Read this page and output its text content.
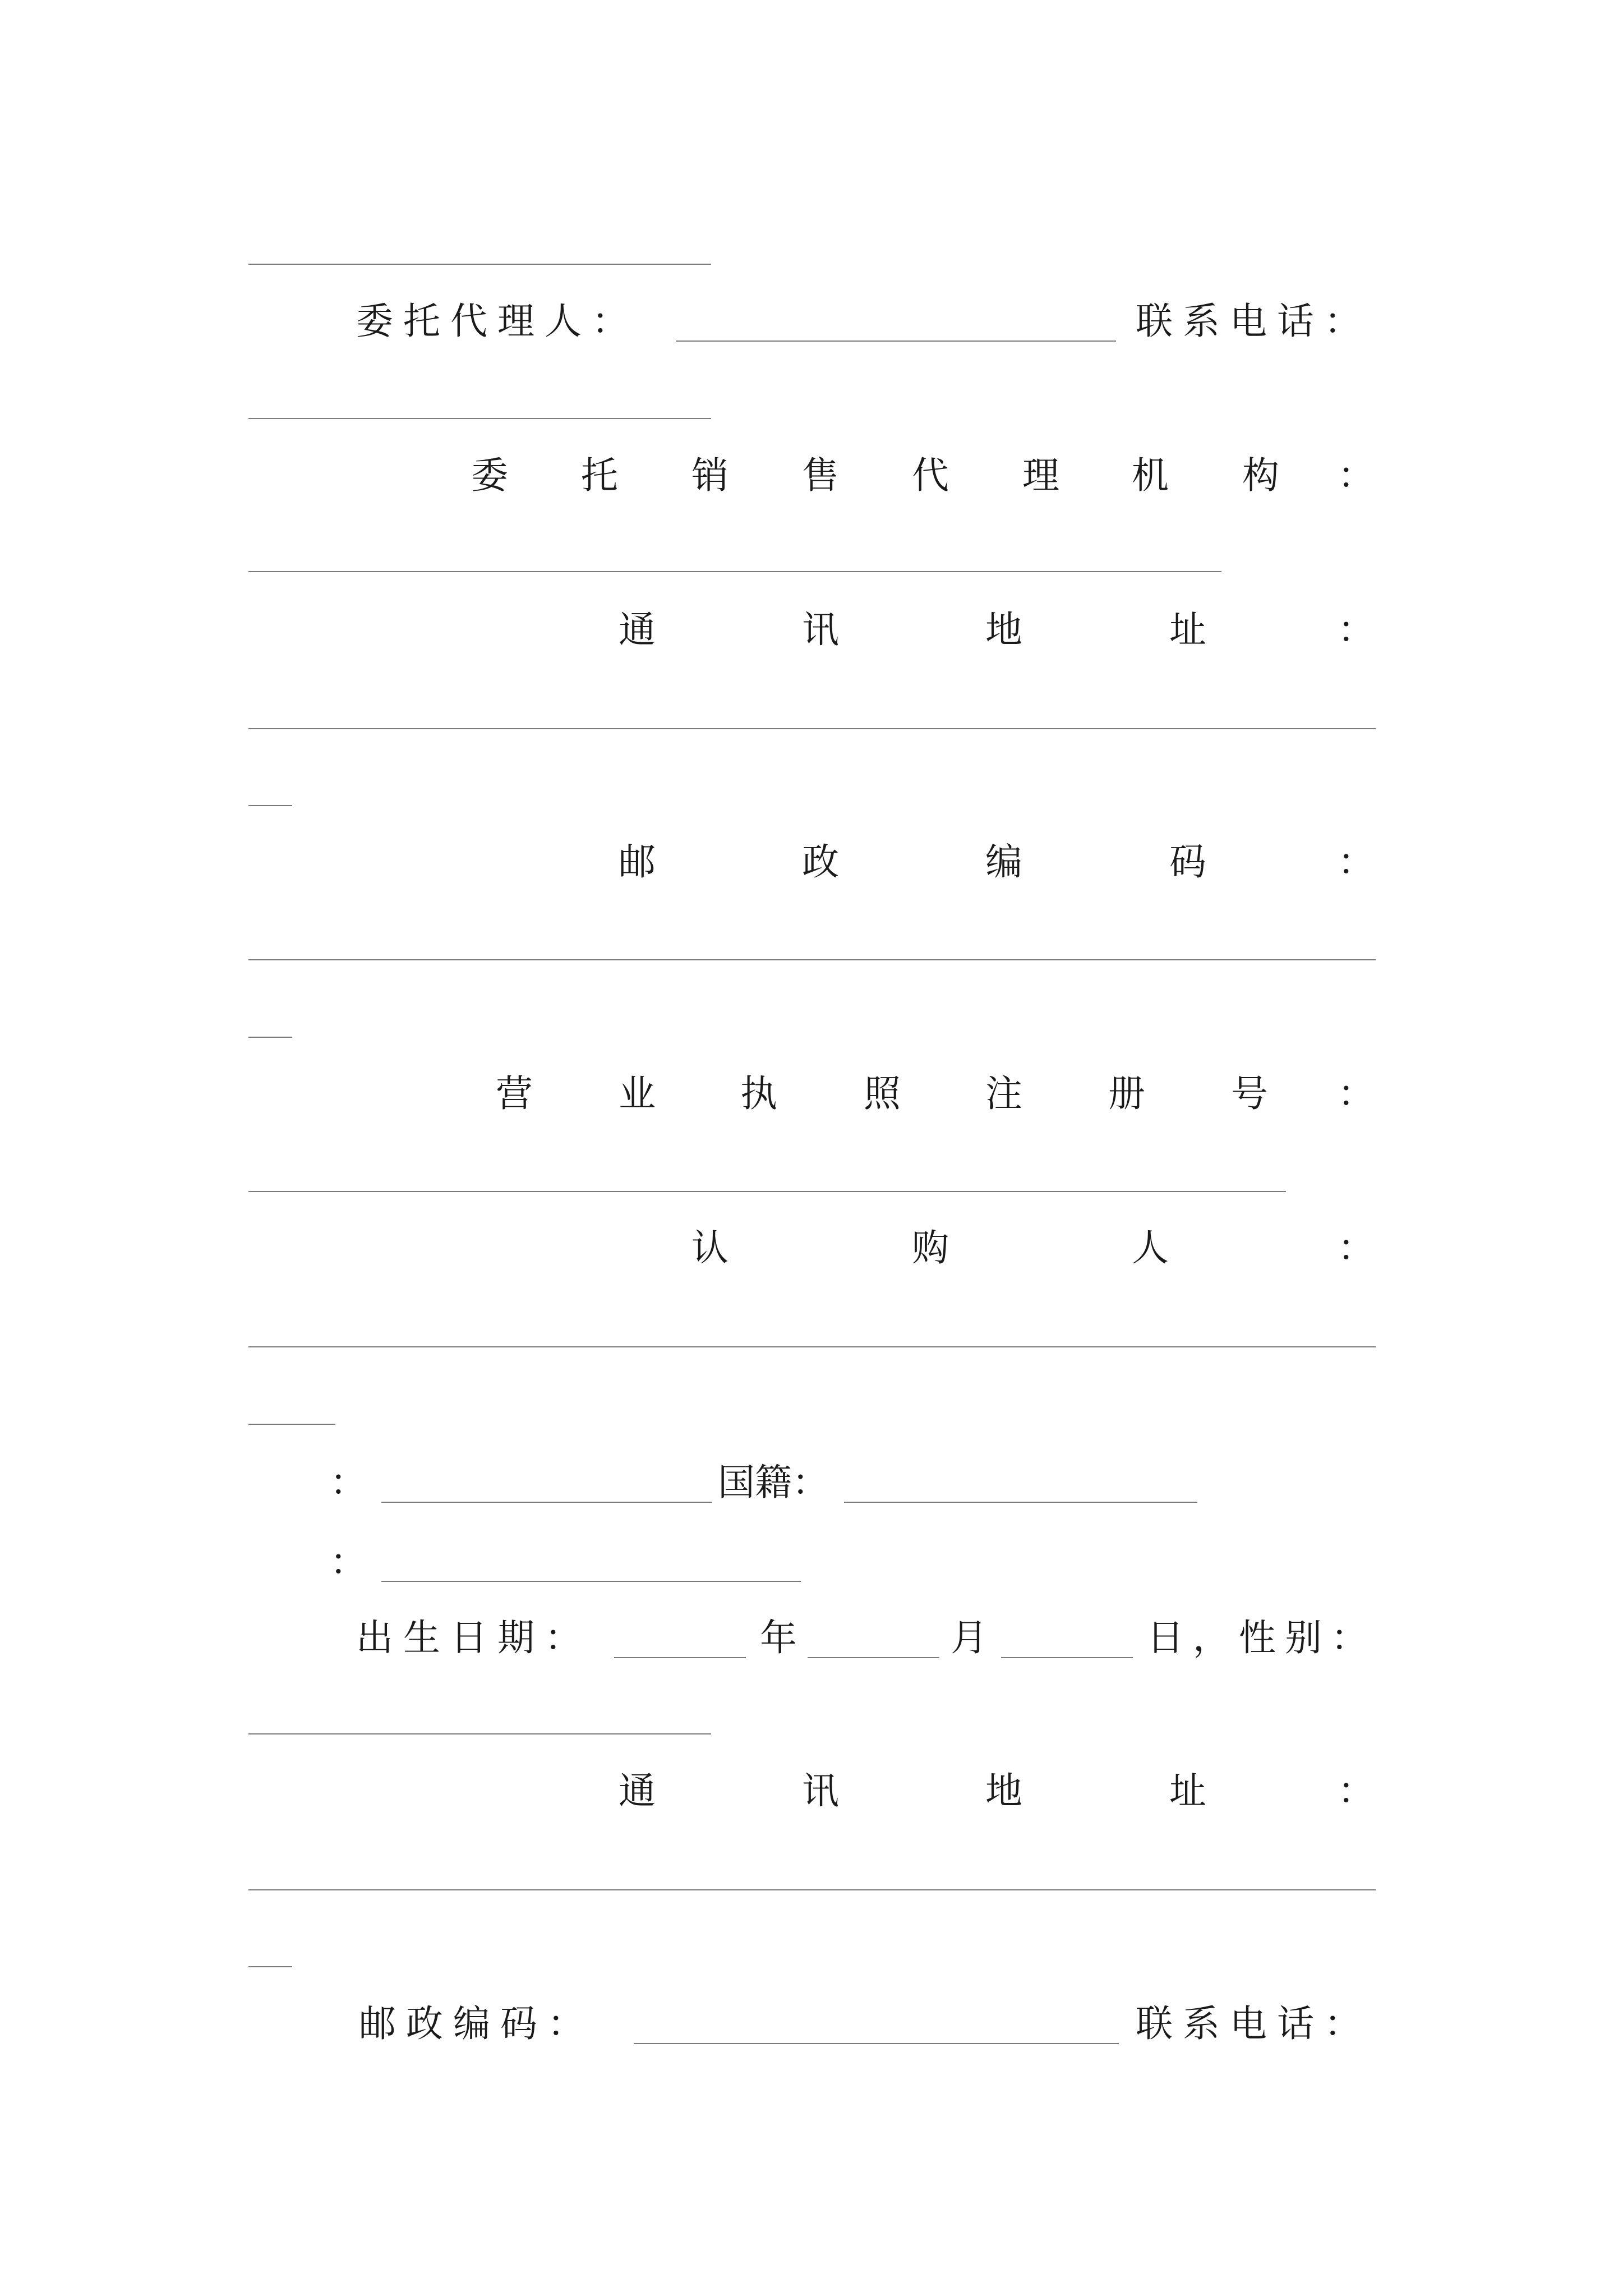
委托代理人：	联系电话：
委 托 销 售 代 理 机 构 ：
通	讯	地	址	：
邮	政	编	码	：
营 业 执 照 注 册 号 ：
认	购	人	：
：	国籍：
：
出生日期：	年	月	日，性别：
通	讯	地	址	：
邮政编码：	联系电话：
